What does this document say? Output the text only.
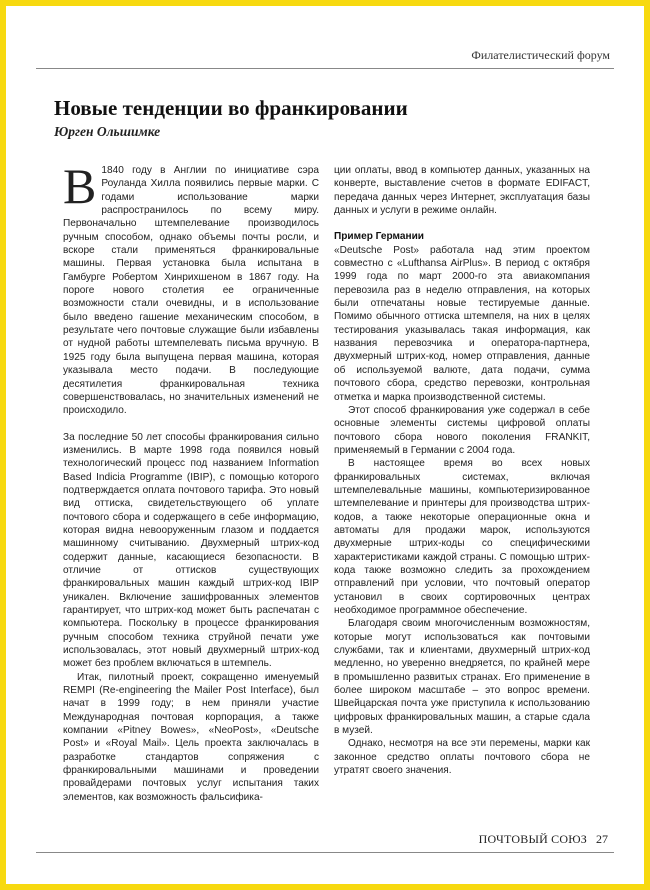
Филателистический форум
Новые тенденции во франкировании
Юрген Ольшимке

В 1840 году в Англии по инициативе сэра Роуланда Хилла появились первые марки. С годами использование марки распространилось по всему миру. Первоначально штемпелевание производилось ручным способом, однако объемы почты росли, и вскоре стали применяться франкировальные машины. Первая установка была испытана в Гамбурге Робертом Хинрихшеном в 1867 году. На пороге нового столетия ее ограниченные возможности стали очевидны, и в использование было введено гашение механическим способом, в результате чего почтовые служащие были избавлены от нудной работы штемпелевать письма вручную. В 1925 году была выпущена первая машина, которая указывала место подачи. В последующие десятилетия франкировальная техника совершенствовалась, но значительных изменений не происходило.

За последние 50 лет способы франкирования сильно изменились. В марте 1998 года появился новый технологический процесс под названием Information Based Indicia Programme (IBIP), с помощью которого подтверждается оплата почтового тарифа. Это новый вид оттиска, свидетельствующего об уплате почтового сбора и содержащего в себе информацию, которая видна невооруженным глазом и поддается машинному считыванию. Двухмерный штрих-код содержит данные, касающиеся безопасности. В отличие от оттисков существующих франкировальных машин каждый штрих-код IBIP уникален. Включение зашифрованных элементов гарантирует, что штрих-код может быть распечатан с компьютера. Поскольку в процессе франкирования ручным способом техника струйной печати уже использовалась, этот новый двухмерный штрих-код может без проблем включаться в штемпель.

Итак, пилотный проект, сокращенно именуемый REMPI (Re-engineering the Mailer Post Interface), был начат в 1999 году; в нем приняли участие Международная почтовая корпорация, а также компании «Pitney Bowes», «NeoPost», «Deutsche Post» и «Royal Mail». Цель проекта заключалась в разработке стандартов сопряжения с франкировальными машинами и проведении провайдерами почтовых услуг испытания таких элементов, как возможность фальсифика-

ции оплаты, ввод в компьютер данных, указанных на конверте, выставление счетов в формате EDIFACT, передача данных через Интернет, эксплуатация базы данных и услуги в режиме онлайн.

Пример Германии

«Deutsche Post» работала над этим проектом совместно с «Lufthansa AirPlus». В период с октября 1999 года по март 2000-го эта авиакомпания перевозила раз в неделю отправления, на которых были отпечатаны новые тестируемые данные. Помимо обычного оттиска штемпеля, на них в целях тестирования указывалась такая информация, как названия перевозчика и оператора-партнера, двухмерный штрих-код, номер отправления, данные об используемой валюте, дата подачи, сумма почтового сбора, средство перевозки, контрольная отметка и марка производственной системы.

Этот способ франкирования уже содержал в себе основные элементы системы цифровой оплаты почтового сбора нового поколения FRANKIT, применяемый в Германии с 2004 года.

В настоящее время во всех новых франкировальных системах, включая штемпелевальные машины, компьютеризированное штемпелевание и принтеры для производства штрих-кодов, а также некоторые операционные окна и автоматы для продажи марок, используются двухмерные штрих-коды со специфическими характеристиками каждой страны. С помощью штрих-кода также возможно следить за прохождением отправлений при условии, что почтовый оператор установил в своих сортировочных центрах необходимое программное обеспечение.

Благодаря своим многочисленным возможностям, которые могут использоваться как почтовыми службами, так и клиентами, двухмерный штрих-код медленно, но уверенно внедряется, по крайней мере в промышленно развитых странах. Его применение в более широком масштабе – это вопрос времени. Швейцарская почта уже приступила к использованию цифровых франкировальных машин, а старые сдала в музей.

Однако, несмотря на все эти перемены, марки как законное средство оплаты почтового сбора не утратят своего значения.

ПОЧТОВЫЙ СОЮЗ 27
